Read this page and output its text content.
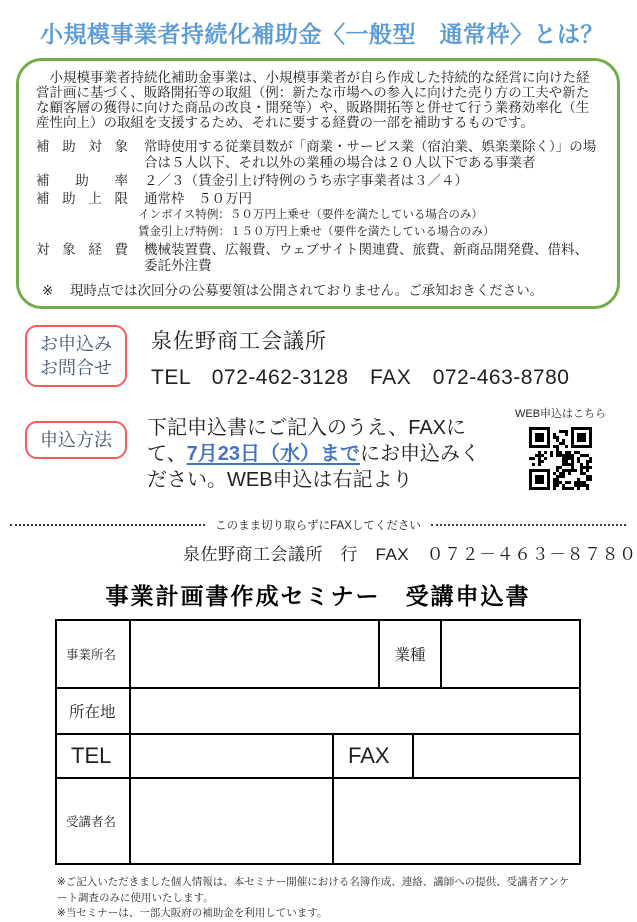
小規模事業者持続化補助金〈一般型　通常枠〉とは？

小規模事業者持続化補助金事業は、小規模事業者が自ら作成した持続的な経営に向けた経営計画に基づく、販路開拓等の取組（例：新たな市場への参入に向けた売り方の工夫や新たな顧客層の獲得に向けた商品の改良・開発等）や、販路開拓等と併せて行う業務効率化（生産性向上）の取組を支援するため、それに要する経費の一部を補助するものです。

補助対象 常時使用する従業員数が「商業・サービス業（宿泊業、娯楽業除く）」の場合は５人以下、それ以外の業種の場合は２０人以下である事業者
補助率 ２／３（賃金引上げ特例のうち赤字事業者は３／４）
補助上限 通常枠　５０万円
インボイス特例：５０万円上乗せ（要件を満たしている場合のみ）
賃金引上げ特例：１５０万円上乗せ（要件を満たしている場合のみ）
対象経費 機械装置費、広報費、ウェブサイト関連費、旅費、新商品開発費、借料、委託外注費
※	現時点では次回分の公募要領は公開されておりません。ご承知おきください。
お申込み
お問合せ
泉佐野商工会議所
TEL　072-462-3128　FAX　072-463-8780
申込方法
下記申込書にご記入のうえ、FAXにて、7月23日（水）までにお申込みください。WEB申込は右記より
WEB申込はこちら
このまま切り取らずにFAXしてください
泉佐野商工会議所　行　FAX　０７２－４６３－８７８０
事業計画書作成セミナー　受講申込書
事業所名	業種
所在地
TEL	FAX
受講者名
※ご記入いただきました個人情報は、本セミナー開催における名簿作成、連絡、講師への提供、受講者アンケート調査のみに使用いたします。
※当セミナーは、一部大阪府の補助金を利用しています。
